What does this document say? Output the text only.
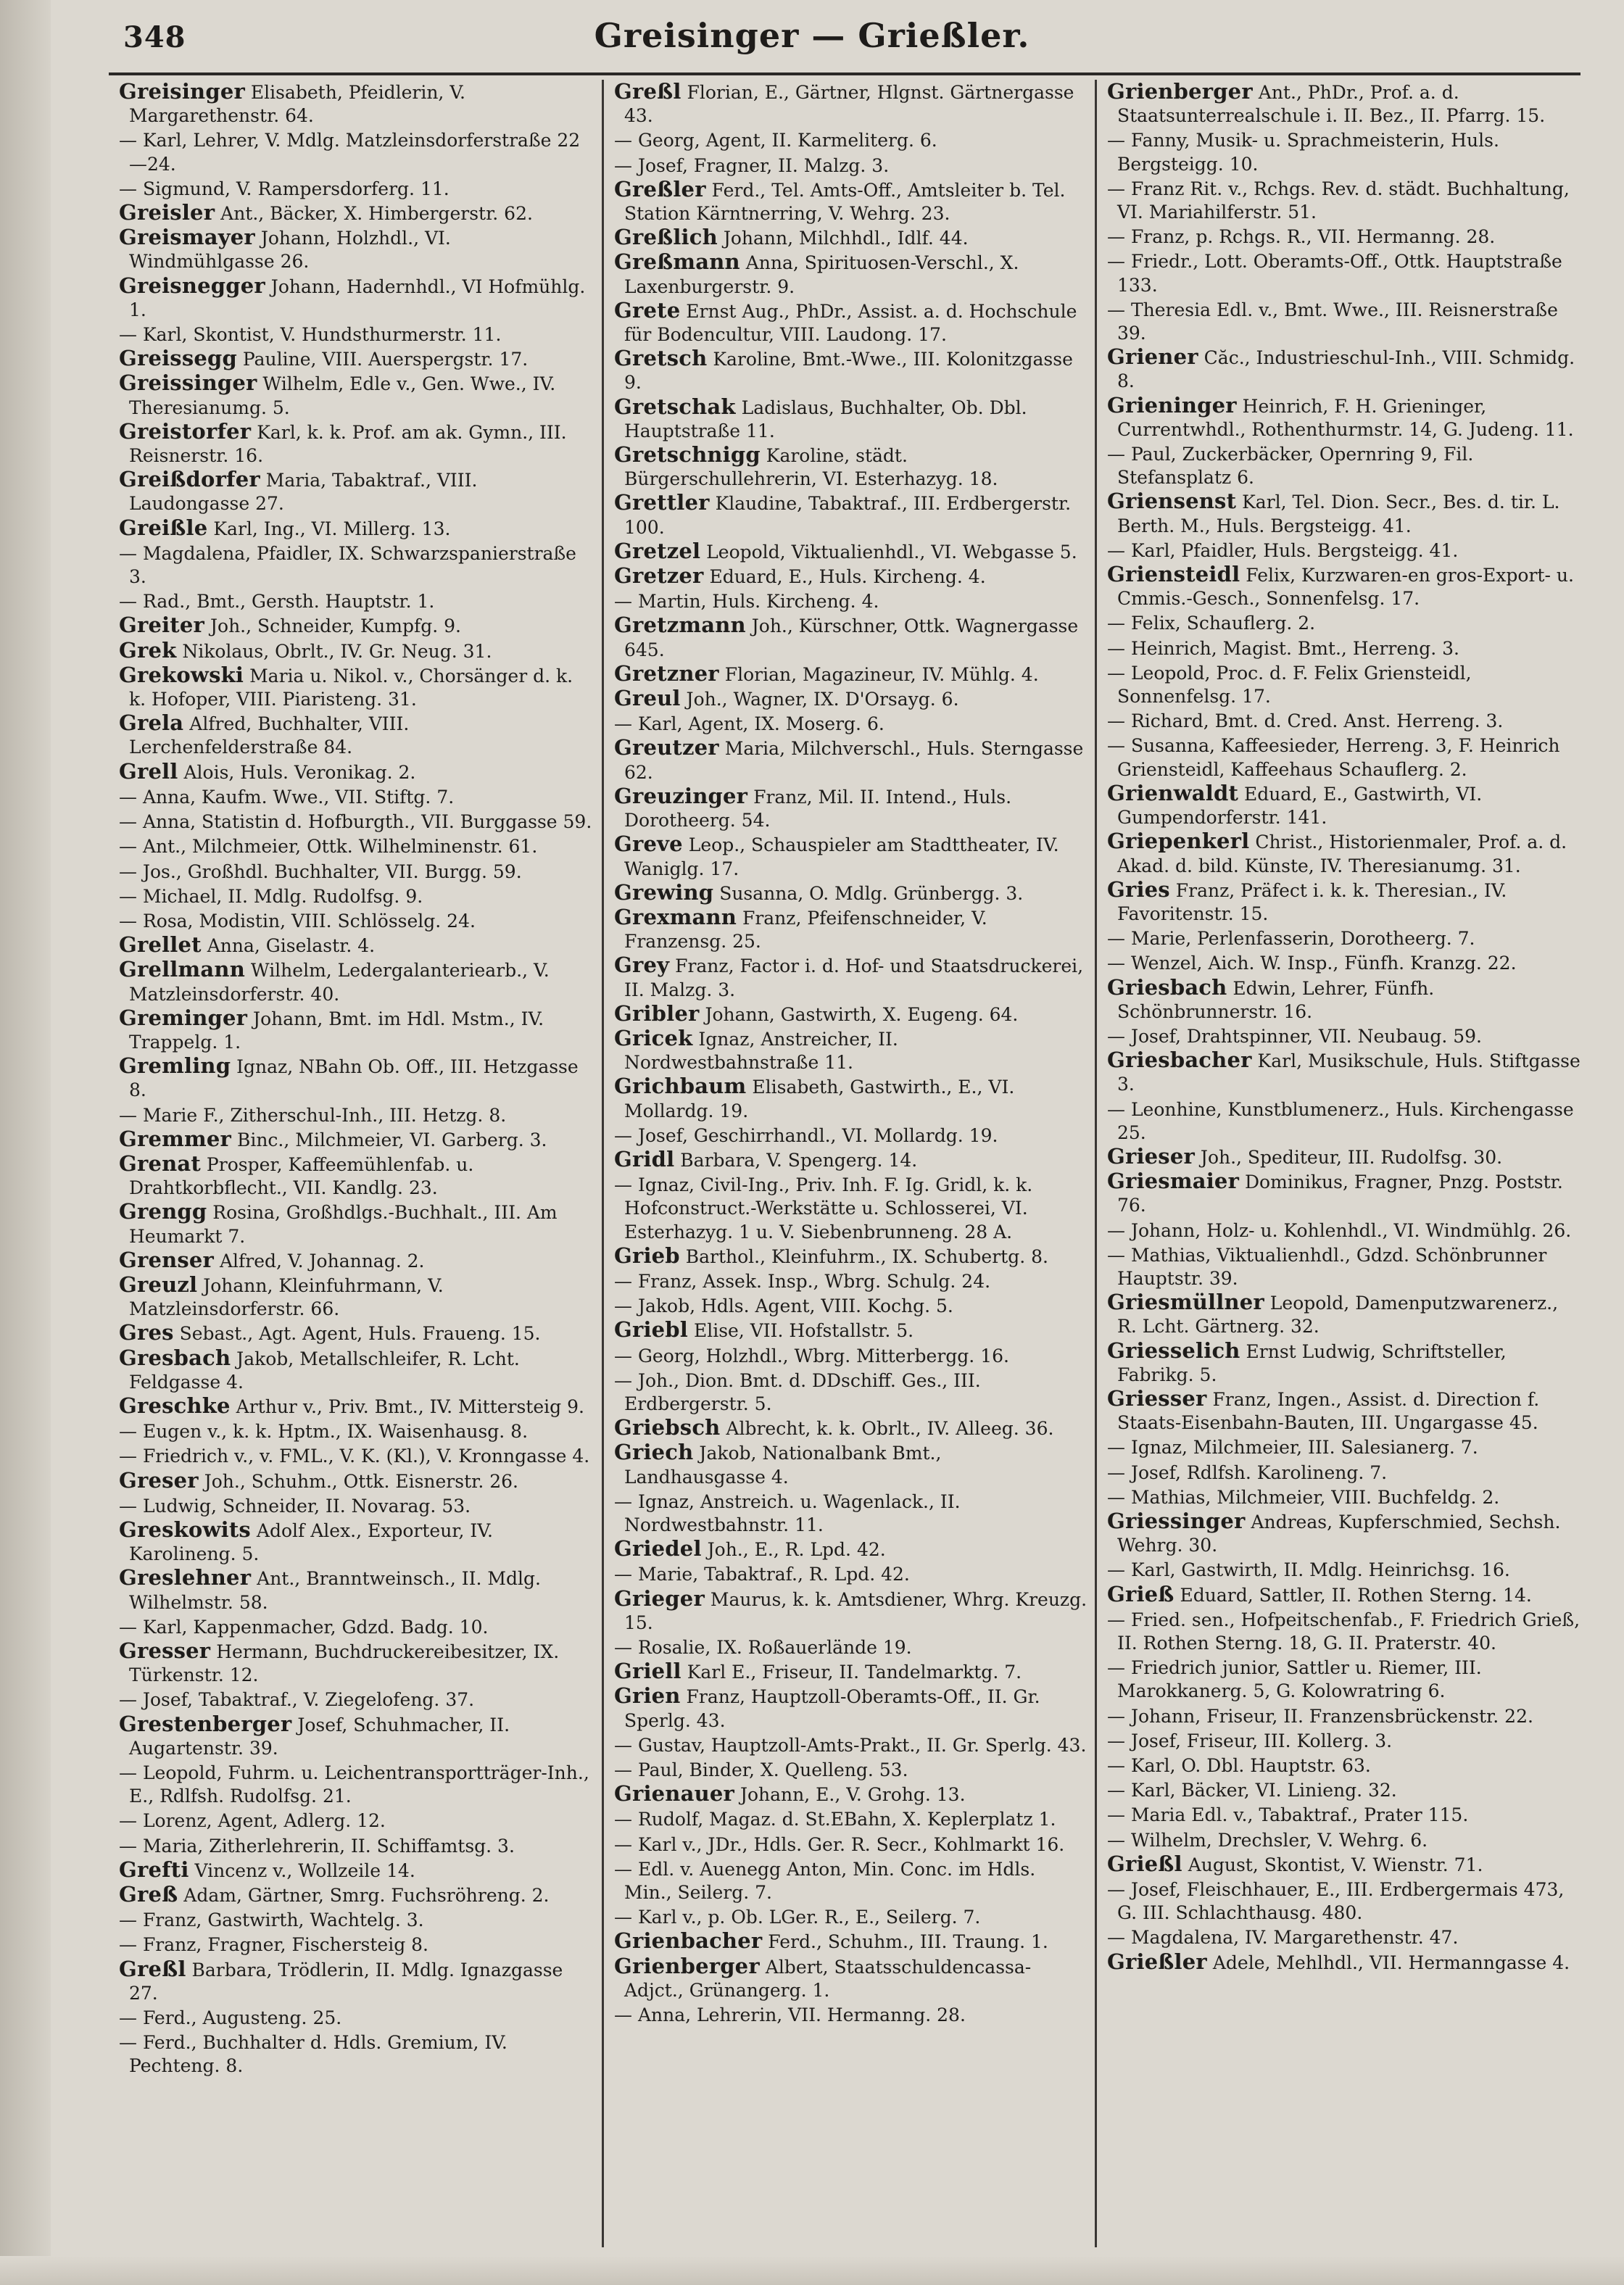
348	Greisinger — Grießler.
Greisinger Elisabeth, Pfeidlerin, V. Margarethenstr. 64.
— Karl, Lehrer, V. Mdlg. Matzleinsdorferstraße 22—24.
— Sigmund, V. Rampersdorferg. 11.
Greisler Ant., Bäcker, X. Himbergerstr. 62.
Greismayer Johann, Holzhdl., VI. Windmühlgasse 26.
Greisnegger Johann, Hadernhdl., VI Hofmühlg. 1.
— Karl, Skontist, V. Hundsthurmerstr. 11.
Greissegg Pauline, VIII. Auerspergstr. 17.
Greissinger Wilhelm, Edle v., Gen. Wwe., IV. Theresianumg. 5.
Greistorfer Karl, k. k. Prof. am ak. Gymn., III. Reisnerstr. 16.
Greißdorfer Maria, Tabaktraf., VIII. Laudongasse 27.
Greißle Karl, Ing., VI. Millerg. 13.
— Magdalena, Pfaidler, IX. Schwarzspanierstraße 3.
— Rad., Bmt., Gersth. Hauptstr. 1.
Greiter Joh., Schneider, Kumpfg. 9.
Grek Nikolaus, Obrlt., IV. Gr. Neug. 31.
Grekowski Maria u. Nikol. v., Chorsänger d. k. k. Hofoper, VIII. Piaristeng. 31.
Grela Alfred, Buchhalter, VIII. Lerchenfelderstraße 84.
Grell Alois, Huls. Veronikag. 2.
— Anna, Kaufm. Wwe., VII. Stiftg. 7.
— Anna, Statistin d. Hofburgth., VII. Burggasse 59.
— Ant., Milchmeier, Ottk. Wilhelminenstr. 61.
— Jos., Großhdl. Buchhalter, VII. Burgg. 59.
— Michael, II. Mdlg. Rudolfsg. 9.
— Rosa, Modistin, VIII. Schlösselg. 24.
Grellet Anna, Giselastr. 4.
Grellmann Wilhelm, Ledergalanteriearb., V. Matzleinsdorferstr. 40.
Greminger Johann, Bmt. im Hdl. Mstm., IV. Trappelg. 1.
Gremling Ignaz, NBahn Ob. Off., III. Hetzgasse 8.
— Marie F., Zitherschul-Inh., III. Hetzg. 8.
Gremmer Binc., Milchmeier, VI. Garberg. 3.
Grenat Prosper, Kaffeemühlenfab. u. Drahtkorbflecht., VII. Kandlg. 23.
Grengg Rosina, Großhdlgs.-Buchhalt., III. Am Heumarkt 7.
Grenser Alfred, V. Johannag. 2.
Greuzl Johann, Kleinfuhrmann, V. Matzleinsdorferstr. 66.
Gres Sebast., Agt. Agent, Huls. Fraueng. 15.
Gresbach Jakob, Metallschleifer, R. Lcht. Feldgasse 4.
Greschke Arthur v., Priv. Bmt., IV. Mittersteig 9.
— Eugen v., k. k. Hptm., IX. Waisenhausg. 8.
— Friedrich v., v. FML., V. K. (Kl.), V. Kronngasse 4.
Greser Joh., Schuhm., Ottk. Eisnerstr. 26.
— Ludwig, Schneider, II. Novarag. 53.
Greskowits Adolf Alex., Exporteur, IV. Karolineng. 5.
Greslehner Ant., Branntweinsch., II. Mdlg. Wilhelmstr. 58.
— Karl, Kappenmacher, Gdzd. Badg. 10.
Gresser Hermann, Buchdruckereibesitzer, IX. Türkenstr. 12.
— Josef, Tabaktraf., V. Ziegelofeng. 37.
Grestenberger Josef, Schuhmacher, II. Augartenstr. 39.
— Leopold, Fuhrm. u. Leichentransportträger-Inh., E., Rdlfsh. Rudolfsg. 21.
— Lorenz, Agent, Adlerg. 12.
— Maria, Zitherlehrerin, II. Schiffamtsg. 3.
Grefti Vincenz v., Wollzeile 14.
Greß Adam, Gärtner, Smrg. Fuchsröhreng. 2.
— Franz, Gastwirth, Wachtelg. 3.
— Franz, Fragner, Fischersteig 8.
Greßl Barbara, Trödlerin, II. Mdlg. Ignazgasse 27.
— Ferd., Augusteng. 25.
— Ferd., Buchhalter d. Hdls. Gremium, IV. Pechteng. 8.
Greßl Florian, E., Gärtner, Hlgnst. Gärtnergasse 43.
— Georg, Agent, II. Karmeliterg. 6.
— Josef, Fragner, II. Malzg. 3.
Greßler Ferd., Tel. Amts-Off., Amtsleiter b. Tel. Station Kärntnerring, V. Wehrg. 23.
Greßlich Johann, Milchhdl., Idlf. 44.
Greßmann Anna, Spirituosen-Verschl., X. Laxenburgerstr. 9.
Grete Ernst Aug., PhDr., Assist. a. d. Hochschule für Bodencultur, VIII. Laudong. 17.
Gretsch Karoline, Bmt.-Wwe., III. Kolonitzgasse 9.
Gretschak Ladislaus, Buchhalter, Ob. Dbl. Hauptstraße 11.
Gretschnigg Karoline, städt. Bürgerschullehrerin, VI. Esterhazyg. 18.
Grettler Klaudine, Tabaktraf., III. Erdbergerstr. 100.
Gretzel Leopold, Viktualienhdl., VI. Webgasse 5.
Gretzer Eduard, E., Huls. Kircheng. 4.
— Martin, Huls. Kircheng. 4.
Gretzmann Joh., Kürschner, Ottk. Wagnergasse 645.
Gretzner Florian, Magazineur, IV. Mühlg. 4.
Greul Joh., Wagner, IX. D'Orsayg. 6.
— Karl, Agent, IX. Moserg. 6.
Greutzer Maria, Milchverschl., Huls. Sterngasse 62.
Greuzinger Franz, Mil. II. Intend., Huls. Dorotheerg. 54.
Greve Leop., Schauspieler am Stadttheater, IV. Waniglg. 17.
Grewing Susanna, O. Mdlg. Grünbergg. 3.
Grexmann Franz, Pfeifenschneider, V. Franzensg. 25.
Grey Franz, Factor i. d. Hof- und Staatsdruckerei, II. Malzg. 3.
Gribler Johann, Gastwirth, X. Eugeng. 64.
Gricek Ignaz, Anstreicher, II. Nordwestbahnstraße 11.
Grichbaum Elisabeth, Gastwirth., E., VI. Mollardg. 19.
— Josef, Geschirrhandl., VI. Mollardg. 19.
Gridl Barbara, V. Spengerg. 14.
— Ignaz, Civil-Ing., Priv. Inh. F. Ig. Gridl, k. k. Hofconstruct.-Werkstätte u. Schlosserei, VI. Esterhazyg. 1 u. V. Siebenbrunneng. 28 A.
Grieb Barthol., Kleinfuhrm., IX. Schubertg. 8.
— Franz, Assek. Insp., Wbrg. Schulg. 24.
— Jakob, Hdls. Agent, VIII. Kochg. 5.
Griebl Elise, VII. Hofstallstr. 5.
— Georg, Holzhdl., Wbrg. Mitterbergg. 16.
— Joh., Dion. Bmt. d. DDschiff. Ges., III. Erdbergerstr. 5.
Griebsch Albrecht, k. k. Obrlt., IV. Alleeg. 36.
Griech Jakob, Nationalbank Bmt., Landhausgasse 4.
— Ignaz, Anstreich. u. Wagenlack., II. Nordwestbahnstr. 11.
Griedel Joh., E., R. Lpd. 42.
— Marie, Tabaktraf., R. Lpd. 42.
Grieger Maurus, k. k. Amtsdiener, Whrg. Kreuzg. 15.
— Rosalie, IX. Roßauerlände 19.
Griell Karl E., Friseur, II. Tandelmarktg. 7.
Grien Franz, Hauptzoll-Oberamts-Off., II. Gr. Sperlg. 43.
— Gustav, Hauptzoll-Amts-Prakt., II. Gr. Sperlg. 43.
— Paul, Binder, X. Quelleng. 53.
Grienauer Johann, E., V. Grohg. 13.
— Rudolf, Magaz. d. St.EBahn, X. Keplerplatz 1.
— Karl v., JDr., Hdls. Ger. R. Secr., Kohlmarkt 16.
— Edl. v. Auenegg Anton, Min. Conc. im Hdls. Min., Seilerg. 7.
— Karl v., p. Ob. LGer. R., E., Seilerg. 7.
Grienbacher Ferd., Schuhm., III. Traung. 1.
Grienberger Albert, Staatsschuldencassa-Adjct., Grünangerg. 1.
— Anna, Lehrerin, VII. Hermanng. 28.
Grienberger Ant., PhDr., Prof. a. d. Staatsunterrealschule i. II. Bez., II. Pfarrg. 15.
— Fanny, Musik- u. Sprachmeisterin, Huls. Bergsteigg. 10.
— Franz Rit. v., Rchgs. Rev. d. städt. Buchhaltung, VI. Mariahilferstr. 51.
— Franz, p. Rchgs. R., VII. Hermanng. 28.
— Friedr., Lott. Oberamts-Off., Ottk. Hauptstraße 133.
— Theresia Edl. v., Bmt. Wwe., III. Reisnerstraße 39.
Griener Căc., Industrieschul-Inh., VIII. Schmidg. 8.
Grieninger Heinrich, F. H. Grieninger, Currentwhdl., Rothenthurmstr. 14, G. Judeng. 11.
— Paul, Zuckerbäcker, Opernring 9, Fil. Stefansplatz 6.
Griensenst Karl, Tel. Dion. Secr., Bes. d. tir. L. Berth. M., Huls. Bergsteigg. 41.
— Karl, Pfaidler, Huls. Bergsteigg. 41.
Griensteidl Felix, Kurzwaren-en gros-Export- u. Cmmis.-Gesch., Sonnenfelsg. 17.
— Felix, Schauflerg. 2.
— Heinrich, Magist. Bmt., Herreng. 3.
— Leopold, Proc. d. F. Felix Griensteidl, Sonnenfelsg. 17.
— Richard, Bmt. d. Cred. Anst. Herreng. 3.
— Susanna, Kaffeesieder, Herreng. 3, F. Heinrich Griensteidl, Kaffeehaus Schauflerg. 2.
Grienwaldt Eduard, E., Gastwirth, VI. Gumpendorferstr. 141.
Griepenkerl Christ., Historienmaler, Prof. a. d. Akad. d. bild. Künste, IV. Theresianumg. 31.
Gries Franz, Präfect i. k. k. Theresian., IV. Favoritenstr. 15.
— Marie, Perlenfasserin, Dorotheerg. 7.
— Wenzel, Aich. W. Insp., Fünfh. Kranzg. 22.
Griesbach Edwin, Lehrer, Fünfh. Schönbrunnerstr. 16.
— Josef, Drahtspinner, VII. Neubaug. 59.
Griesbacher Karl, Musikschule, Huls. Stiftgasse 3.
— Leonhine, Kunstblumenerz., Huls. Kirchengasse 25.
Grieser Joh., Spediteur, III. Rudolfsg. 30.
Griesmaier Dominikus, Fragner, Pnzg. Poststr. 76.
— Johann, Holz- u. Kohlenhdl., VI. Windmühlg. 26.
— Mathias, Viktualienhdl., Gdzd. Schönbrunner Hauptstr. 39.
Griesmüllner Leopold, Damenputzwarenerz., R. Lcht. Gärtnerg. 32.
Griesselich Ernst Ludwig, Schriftsteller, Fabrikg. 5.
Griesser Franz, Ingen., Assist. d. Direction f. Staats-Eisenbahn-Bauten, III. Ungargasse 45.
— Ignaz, Milchmeier, III. Salesianerg. 7.
— Josef, Rdlfsh. Karolineng. 7.
— Mathias, Milchmeier, VIII. Buchfeldg. 2.
Griessinger Andreas, Kupferschmied, Sechsh. Wehrg. 30.
— Karl, Gastwirth, II. Mdlg. Heinrichsg. 16.
Grieß Eduard, Sattler, II. Rothen Sterng. 14.
— Fried. sen., Hofpeitschenfab., F. Friedrich Grieß, II. Rothen Sterng. 18, G. II. Praterstr. 40.
— Friedrich junior, Sattler u. Riemer, III. Marokkanerg. 5, G. Kolowratring 6.
— Johann, Friseur, II. Franzensbrückenstr. 22.
— Josef, Friseur, III. Kollerg. 3.
— Karl, O. Dbl. Hauptstr. 63.
— Karl, Bäcker, VI. Linieng. 32.
— Maria Edl. v., Tabaktraf., Prater 115.
— Wilhelm, Drechsler, V. Wehrg. 6.
Grießl August, Skontist, V. Wienstr. 71.
— Josef, Fleischhauer, E., III. Erdbergermais 473, G. III. Schlachthausg. 480.
— Magdalena, IV. Margarethenstr. 47.
Grießler Adele, Mehlhdl., VII. Hermanngasse 4.
